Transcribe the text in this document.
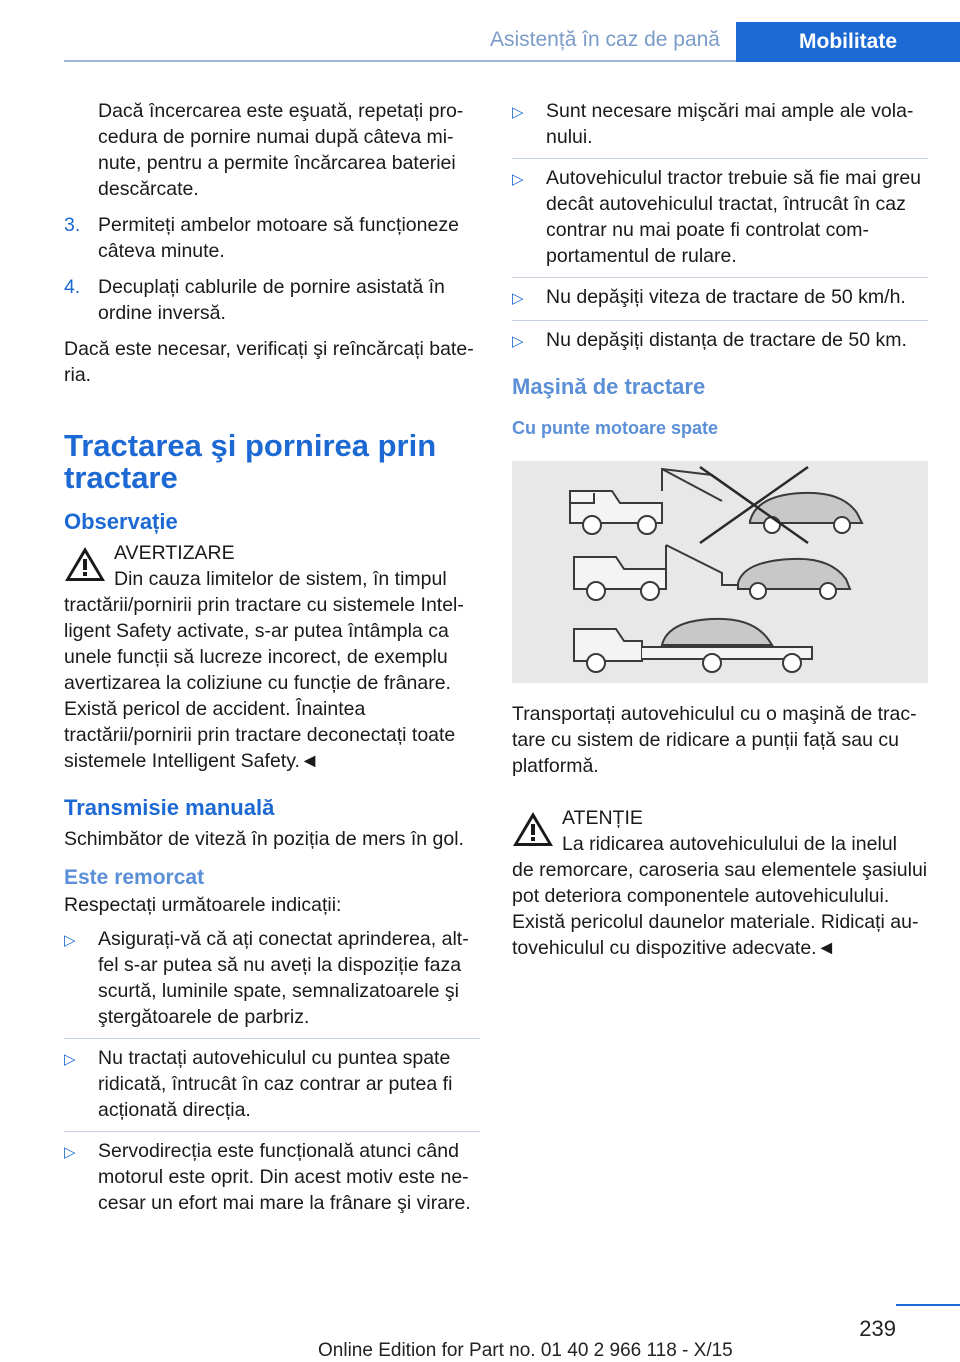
Asistență în caz de pană	Mobilitate

Dacă încercarea este eşuată, repetați procedura de pornire numai după câteva minute, pentru a permite încărcarea bateriei descărcate.

3. Permiteți ambelor motoare să funcționeze câteva minute.
4. Decuplați cablurile de pornire asistată în ordine inversă.

Dacă este necesar, verificați şi reîncărcați bateria.

Tractarea şi pornirea prin tractare
Observație
AVERTIZARE
Din cauza limitelor de sistem, în timpul
tractării/pornirii prin tractare cu sistemele Intelligent Safety activate, s-ar putea întâmpla ca unele funcții să lucreze incorect, de exemplu avertizarea la coliziune cu funcție de frânare. Există pericol de accident. Înaintea tractării/pornirii prin tractare deconectați toate sistemele Intelligent Safety.◄
Transmisie manuală

Schimbător de viteză în poziția de mers în gol.

Este remorcat

Respectați următoarele indicații:

▷	Asigurați-vă că ați conectat aprinderea, altfel s-ar putea să nu aveți la dispoziție faza scurtă, luminile spate, semnalizatoarele şi ştergătoarele de parbriz.
▷	Nu tractați autovehiculul cu puntea spate ridicată, întrucât în caz contrar ar putea fi acționată direcția.
▷	Servodirecția este funcțională atunci când motorul este oprit. Din acest motiv este necesar un efort mai mare la frânare şi virare.
▷	Sunt necesare mişcări mai ample ale volanului.
▷	Autovehiculul tractor trebuie să fie mai greu decât autovehiculul tractat, întrucât în caz contrar nu mai poate fi controlat comportamentul de rulare.
▷	Nu depăşiți viteza de tractare de 50 km/h.
▷	Nu depăşiți distanța de tractare de 50 km.
Maşină de tractare
Cu punte motoare spate

Transportați autovehiculul cu o maşină de tractare cu sistem de ridicare a punții față sau cu platformă.

ATENȚIE
La ridicarea autovehiculului de la inelul
de remorcare, caroseria sau elementele şasiului pot deteriora componentele autovehiculului. Există pericolul daunelor materiale. Ridicați autovehiculul cu dispozitive adecvate.◄
239
Online Edition for Part no. 01 40 2 966 118 - X/15
